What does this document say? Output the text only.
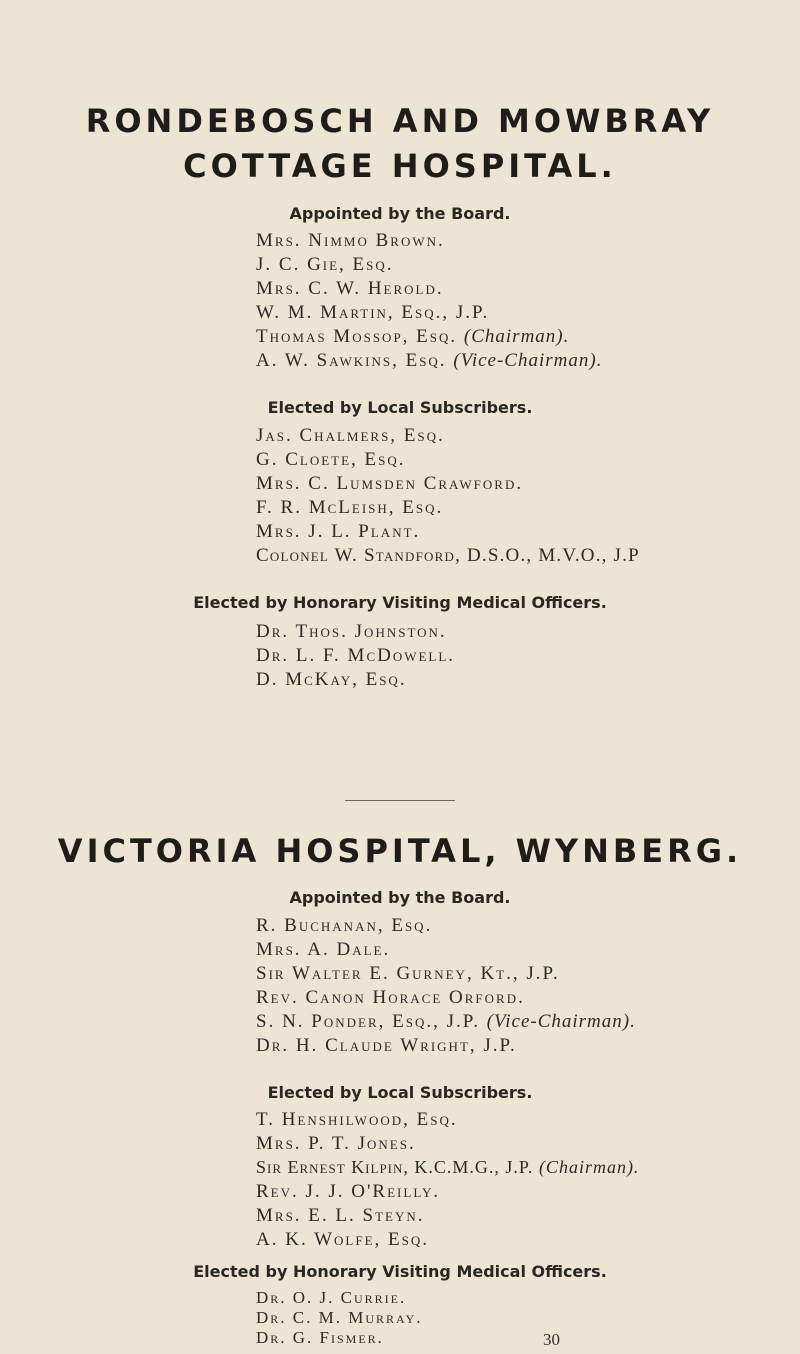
RONDEBOSCH AND MOWBRAY
COTTAGE HOSPITAL.
Appointed by the Board.
Mrs. Nimmo Brown.
J. C. Gie, Esq.
Mrs. C. W. Herold.
W. M. Martin, Esq., J.P.
Thomas Mossop, Esq. (Chairman).
A. W. Sawkins, Esq. (Vice-Chairman).
Elected by Local Subscribers.
Jas. Chalmers, Esq.
G. Cloete, Esq.
Mrs. C. Lumsden Crawford.
F. R. McLeish, Esq.
Mrs. J. L. Plant.
Colonel W. Standford, D.S.O., M.V.O., J.P
Elected by Honorary Visiting Medical Officers.
Dr. Thos. Johnston.
Dr. L. F. McDowell.
D. McKay, Esq.
VICTORIA HOSPITAL, WYNBERG.
Appointed by the Board.
R. Buchanan, Esq.
Mrs. A. Dale.
Sir Walter E. Gurney, Kt., J.P.
Rev. Canon Horace Orford.
S. N. Ponder, Esq., J.P. (Vice-Chairman).
Dr. H. Claude Wright, J.P.
Elected by Local Subscribers.
T. Henshilwood, Esq.
Mrs. P. T. Jones.
Sir Ernest Kilpin, K.C.M.G., J.P. (Chairman).
Rev. J. J. O'Reilly.
Mrs. E. L. Steyn.
A. K. Wolfe, Esq.
Elected by Honorary Visiting Medical Officers.
Dr. O. J. Currie.
Dr. C. M. Murray.
Dr. G. Fismer.	30
